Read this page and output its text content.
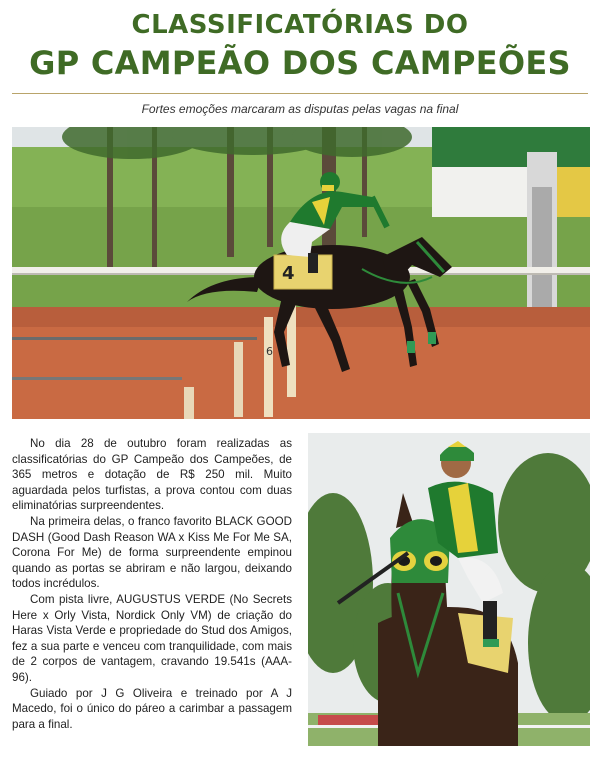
CLASSIFICATÓRIAS DO
GP CAMPEÃO DOS CAMPEÕES
Fortes emoções marcaram as disputas pelas vagas na final
6
4

No dia 28 de outubro foram realizadas as classificatórias do GP Campeão dos Campeões, de 365 metros e dotação de R$ 250 mil. Muito aguardada pelos turfistas, a prova contou com duas eliminatórias surpreendentes.

Na primeira delas, o franco favorito BLACK GOOD DASH (Good Dash Reason WA x Kiss Me For Me SA, Corona For Me) de forma surpreendente empinou quando as portas se abriram e não largou, deixando todos incrédulos.

Com pista livre, AUGUSTUS VERDE (No Secrets Here x Orly Vista, Nordick Only VM) de criação do Haras Vista Verde e propriedade do Stud dos Amigos, fez a sua parte e venceu com tranquilidade, com mais de 2 corpos de vantagem, cravando 19.541s (AAA-96).

Guiado por J G Oliveira e treinado por A J Macedo, foi o único do páreo a carimbar a passagem para a final.
